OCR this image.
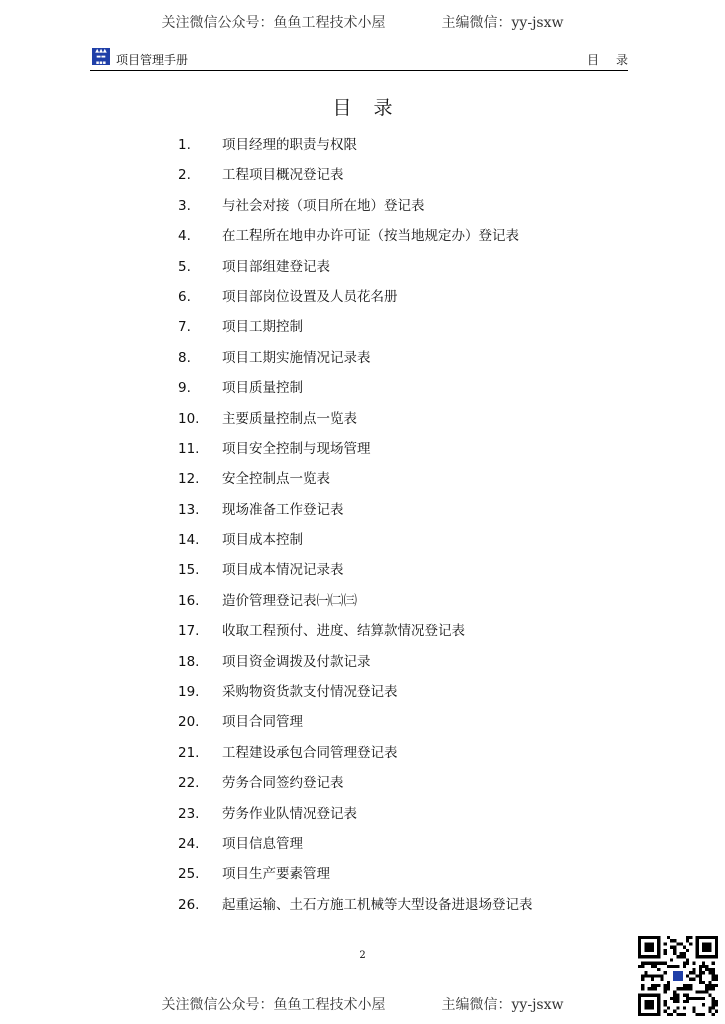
关注微信公众号：鱼鱼工程技术小屋	主编微信：yy-jsxw
▲▲▲
▬▬
▪▪▪ 项目管理手册	目录
目录
1. 项目经理的职责与权限
2. 工程项目概况登记表
3. 与社会对接（项目所在地）登记表
4. 在工程所在地申办许可证（按当地规定办）登记表
5. 项目部组建登记表
6. 项目部岗位设置及人员花名册
7. 项目工期控制
8. 项目工期实施情况记录表
9. 项目质量控制
10. 主要质量控制点一览表
11. 项目安全控制与现场管理
12. 安全控制点一览表
13. 现场准备工作登记表
14. 项目成本控制
15. 项目成本情况记录表
16. 造价管理登记表㈠㈡㈢
17. 收取工程预付、进度、结算款情况登记表
18. 项目资金调拨及付款记录
19. 采购物资货款支付情况登记表
20. 项目合同管理
21. 工程建设承包合同管理登记表
22. 劳务合同签约登记表
23. 劳务作业队情况登记表
24. 项目信息管理
25. 项目生产要素管理
26. 起重运输、土石方施工机械等大型设备进退场登记表
2
关注微信公众号：鱼鱼工程技术小屋	主编微信：yy-jsxw
